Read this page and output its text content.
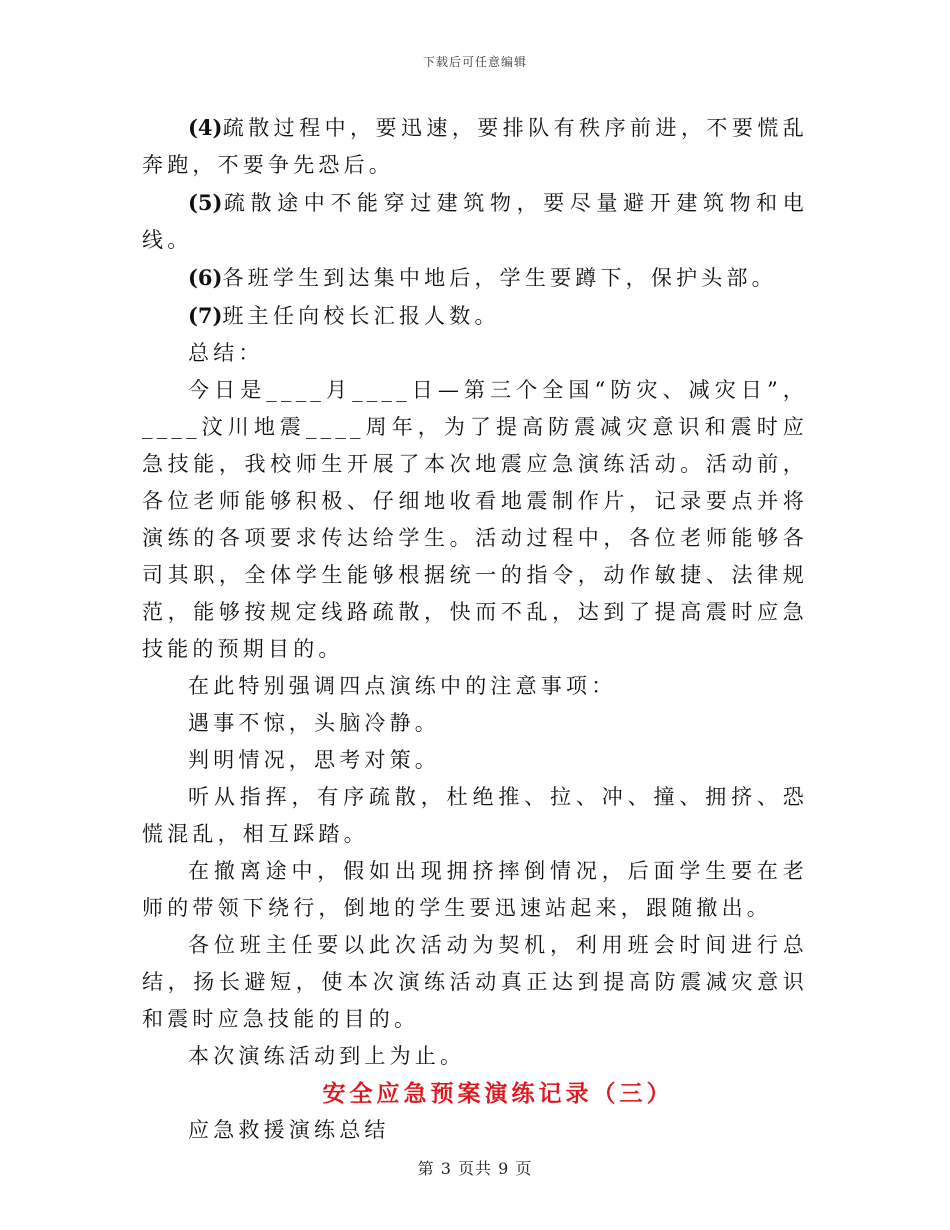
下载后可任意编辑

(4)疏散过程中，要迅速，要排队有秩序前进，不要慌乱奔跑，不要争先恐后。

(5)疏散途中不能穿过建筑物，要尽量避开建筑物和电线。

(6)各班学生到达集中地后，学生要蹲下，保护头部。

(7)班主任向校长汇报人数。

总结：

今日是____月____日—第三个全国“防灾、减灾日”，____汶川地震____周年，为了提高防震减灾意识和震时应急技能，我校师生开展了本次地震应急演练活动。活动前，各位老师能够积极、仔细地收看地震制作片，记录要点并将演练的各项要求传达给学生。活动过程中，各位老师能够各司其职，全体学生能够根据统一的指令，动作敏捷、法律规范，能够按规定线路疏散，快而不乱，达到了提高震时应急技能的预期目的。

在此特别强调四点演练中的注意事项：

遇事不惊，头脑冷静。

判明情况，思考对策。

听从指挥，有序疏散，杜绝推、拉、冲、撞、拥挤、恐慌混乱，相互踩踏。

在撤离途中，假如出现拥挤摔倒情况，后面学生要在老师的带领下绕行，倒地的学生要迅速站起来，跟随撤出。

各位班主任要以此次活动为契机，利用班会时间进行总结，扬长避短，使本次演练活动真正达到提高防震减灾意识和震时应急技能的目的。

本次演练活动到上为止。

安全应急预案演练记录（三）

应急救援演练总结

第 3 页共 9 页
